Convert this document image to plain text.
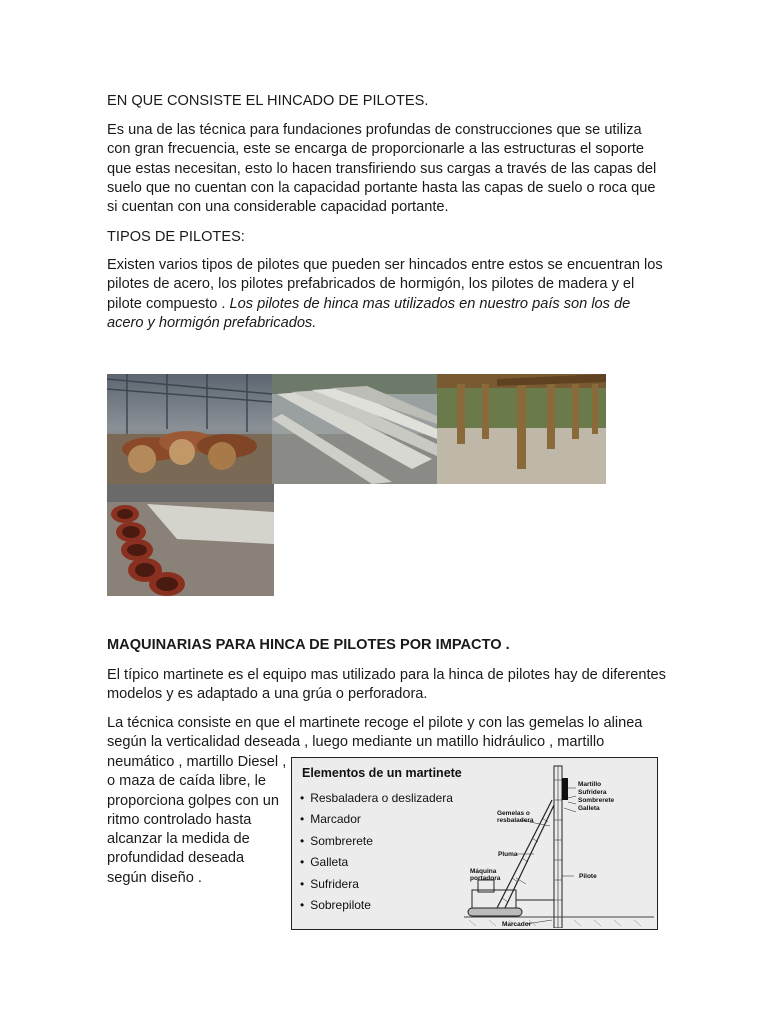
EN QUE CONSISTE EL HINCADO DE PILOTES.
Es una de las técnica para fundaciones profundas de construcciones que se utiliza con gran frecuencia, este se encarga de proporcionarle a las estructuras el soporte que estas necesitan, esto lo hacen transfiriendo sus cargas a través de las capas del suelo que no cuentan con la capacidad portante hasta las capas de suelo o roca que si cuentan con una considerable capacidad portante.
TIPOS DE PILOTES:
Existen varios tipos de pilotes que pueden ser hincados entre estos se encuentran los pilotes de acero, los pilotes prefabricados de hormigón, los pilotes de madera y el pilote compuesto . Los pilotes de hinca mas utilizados en nuestro país son los de acero y hormigón prefabricados.
MAQUINARIAS PARA HINCA DE PILOTES POR IMPACTO .
El típico martinete es el equipo mas utilizado para la hinca de pilotes hay de diferentes modelos y es adaptado a una grúa o perforadora.
La técnica consiste en que el martinete recoge el pilote y con las gemelas lo alinea según la verticalidad deseada , luego mediante un matillo hidráulico , martillo
neumático , martillo Diesel , o maza de caída libre, le proporciona golpes con un ritmo controlado hasta alcanzar la medida de profundidad deseada según diseño .
Elementos de un martinete
• Resbaladera o deslizadera
• Marcador
• Sombrerete
• Galleta
• Sufridera
• Sobrepilote
Martillo
Sufridera
Sombrerete
Galleta
Gemelas o resbaladera
Pluma
Máquina portadora	Pilote
Marcador
